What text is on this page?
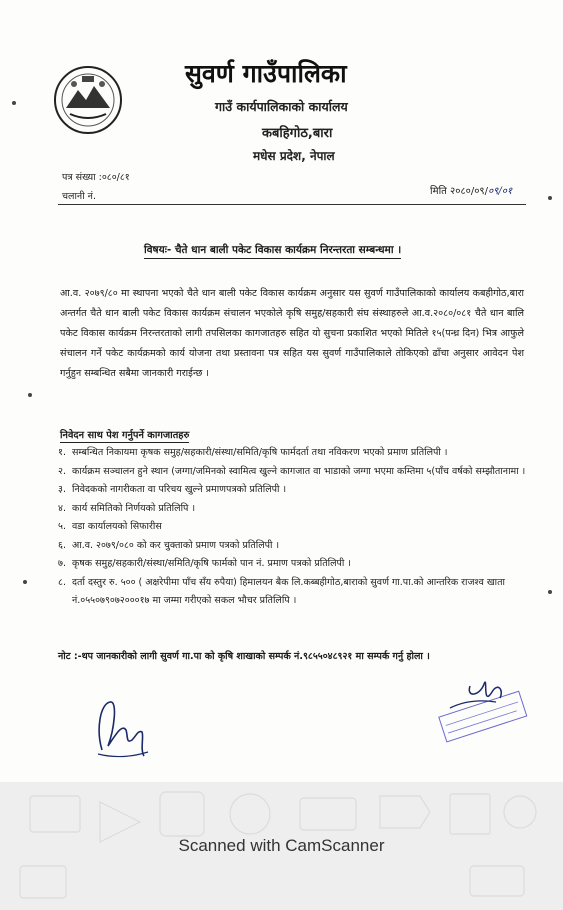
सुवर्ण गाउँपालिका
गाउँ कार्यपालिकाको कार्यालय
कबहिगोठ,बारा
मधेस प्रदेश, नेपाल
पत्र संख्या :०८०/८१
चलानी नं.	मिति २०८०/०९/०९/०१
विषयः- चैते धान बाली पकेट विकास कार्यक्रम निरन्तरता सम्बन्धमा ।
आ.व. २०७९/८० मा स्थापना भएको चैते धान बाली पकेट विकास कार्यक्रम अनुसार यस सुवर्ण गाउँपालिकाको कार्यालय कबहीगोठ,बारा अन्तर्गत चैते धान बाली पकेट विकास कार्यक्रम संचालन भएकोले कृषि समुह/सहकारी संघ संस्थाहरुले आ.व.२०८०/०८१ चैते धान बालि पकेट विकास कार्यक्रम निरन्तरताको लागी तपसिलका कागजातहरु सहित यो सुचना प्रकाशित भएको मितिले १५(पन्ध्र दिन) भित्र आफुले संचालन गर्ने पकेट कार्यक्रमको कार्य योजना तथा प्रस्तावना पत्र सहित यस सुवर्ण गाउँपालिकाले तोकिएको ढाँचा अनुसार आवेदन पेश गर्नुहुन सम्बन्धित सबैमा जानकारी गराईन्छ ।
निवेदन साथ पेश गर्नुपर्ने कागजातहरु
१. सम्बन्धित निकायमा कृषक समुह/सहकारी/संस्था/समिति/कृषि फार्मदर्ता तथा नविकरण भएको प्रमाण प्रतिलिपी ।
२. कार्यक्रम सञ्चालन हुने स्थान (जग्गा/जमिनको स्वामित्व खुल्ने कागजात वा भाडाको जग्गा भएमा कम्तिमा ५(पाँच वर्षको सम्झौतानामा ।
३. निवेदकको नागरीकता वा परिचय खुल्ने प्रमाणपत्रको प्रतिलिपी ।
४. कार्य समितिको निर्णयको प्रतिलिपि ।
५. वडा कार्यालयको सिफारीस
६. आ.व. २०७९/०८० को कर चुक्ताको प्रमाण पत्रको प्रतिलिपी ।
७. कृषक समुह/सहकारी/संस्था/समिति/कृषि फार्मको पान नं. प्रमाण पत्रको प्रतिलिपी ।
८. दर्ता दस्तुर रु. ५०० ( अक्षरेपीमा पाँच सँय रुपैया) हिमालयन बैक लि.कब्बहीगोठ,बाराको सुवर्ण गा.पा.को आन्तरिक राजश्व खाता नं.०५५०७९०७२०००१७ मा जम्मा गरीएको सकल भौचर प्रतिलिपि ।
नोट :-थप जानकारीको लागी सुवर्ण गा.पा को कृषि शाखाको सम्पर्क नं.९८५५०४८९२१ मा सम्पर्क गर्नु होला ।
Scanned with CamScanner
